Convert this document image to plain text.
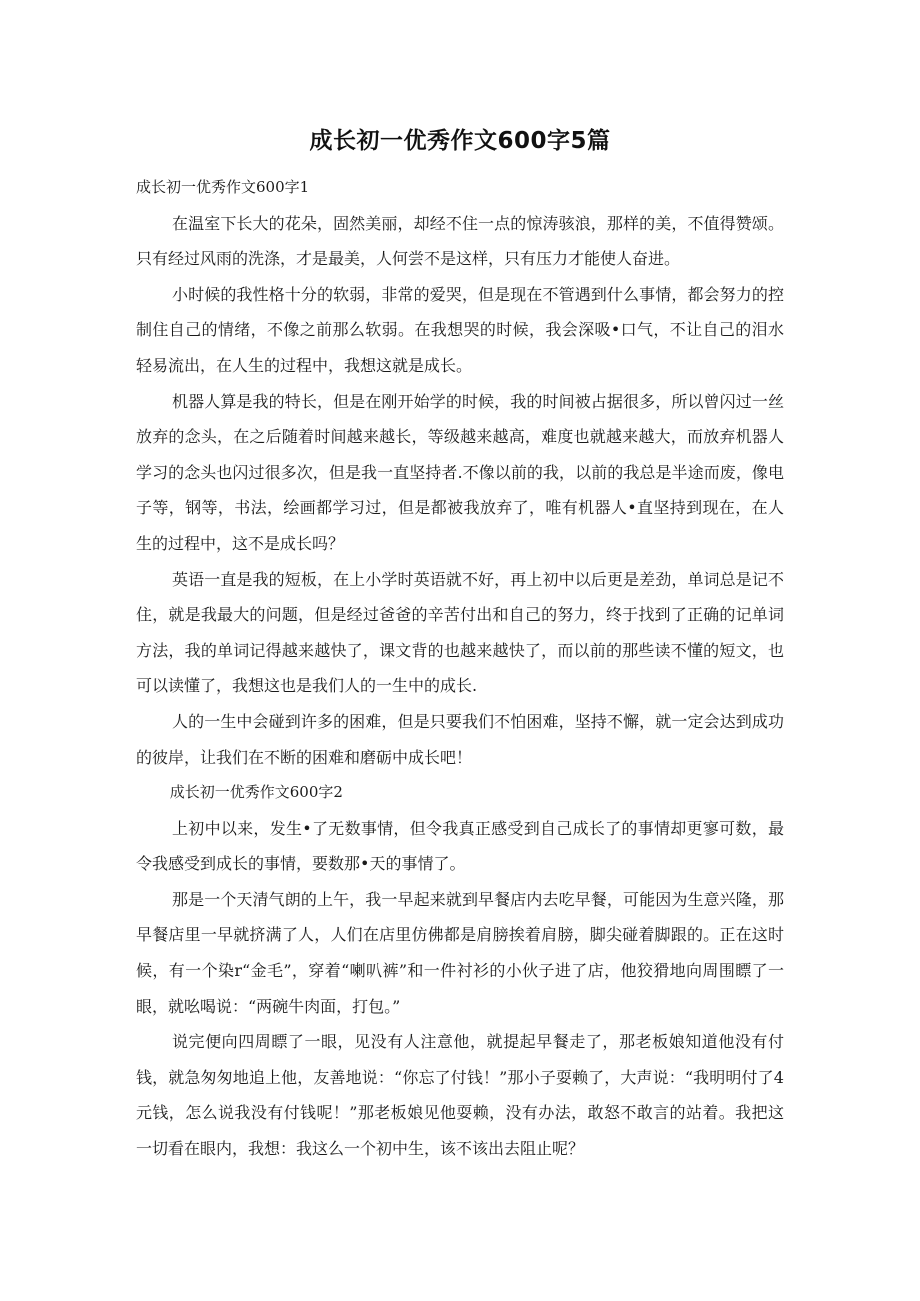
成长初一优秀作文600字5篇

成长初一优秀作文600字1

在温室下长大的花朵，固然美丽，却经不住一点的惊涛骇浪，那样的美，不值得赞颂。只有经过风雨的洗涤，才是最美，人何尝不是这样，只有压力才能使人奋进。

小时候的我性格十分的软弱，非常的爱哭，但是现在不管遇到什么事情，都会努力的控制住自己的情绪，不像之前那么软弱。在我想哭的时候，我会深吸•口气，不让自己的泪水轻易流出，在人生的过程中，我想这就是成长。

机器人算是我的特长，但是在刚开始学的时候，我的时间被占据很多，所以曾闪过一丝放弃的念头，在之后随着时间越来越长，等级越来越高，难度也就越来越大，而放弃机器人学习的念头也闪过很多次，但是我一直坚持者.不像以前的我，以前的我总是半途而废，像电子等，钢等，书法，绘画都学习过，但是都被我放弃了，唯有机器人•直坚持到现在，在人生的过程中，这不是成长吗？

英语一直是我的短板，在上小学时英语就不好，再上初中以后更是差劲，单词总是记不住，就是我最大的问题，但是经过爸爸的辛苦付出和自己的努力，终于找到了正确的记单词方法，我的单词记得越来越快了，课文背的也越来越快了，而以前的那些读不懂的短文，也可以读懂了，我想这也是我们人的一生中的成长.

人的一生中会碰到许多的困难，但是只要我们不怕困难，坚持不懈，就一定会达到成功的彼岸，让我们在不断的困难和磨砺中成长吧！

成长初一优秀作文600字2

上初中以来，发生•了无数事情，但令我真正感受到自己成长了的事情却更寥可数，最令我感受到成长的事情，要数那•天的事情了。

那是一个天清气朗的上午，我一早起来就到早餐店内去吃早餐，可能因为生意兴隆，那早餐店里一早就挤满了人，人们在店里仿佛都是肩膀挨着肩膀，脚尖碰着脚跟的。正在这时候，有一个染r“金毛”，穿着“喇叭裤”和一件衬衫的小伙子进了店，他狡猾地向周围瞟了一眼，就吆喝说：“两碗牛肉面，打包。”

说完便向四周瞟了一眼，见没有人注意他，就提起早餐走了，那老板娘知道他没有付钱，就急匆匆地追上他，友善地说：“你忘了付钱！”那小子耍赖了，大声说：“我明明付了4元钱，怎么说我没有付钱呢！”那老板娘见他耍赖，没有办法，敢怒不敢言的站着。我把这一切看在眼内，我想：我这么一个初中生，该不该出去阻止呢？
